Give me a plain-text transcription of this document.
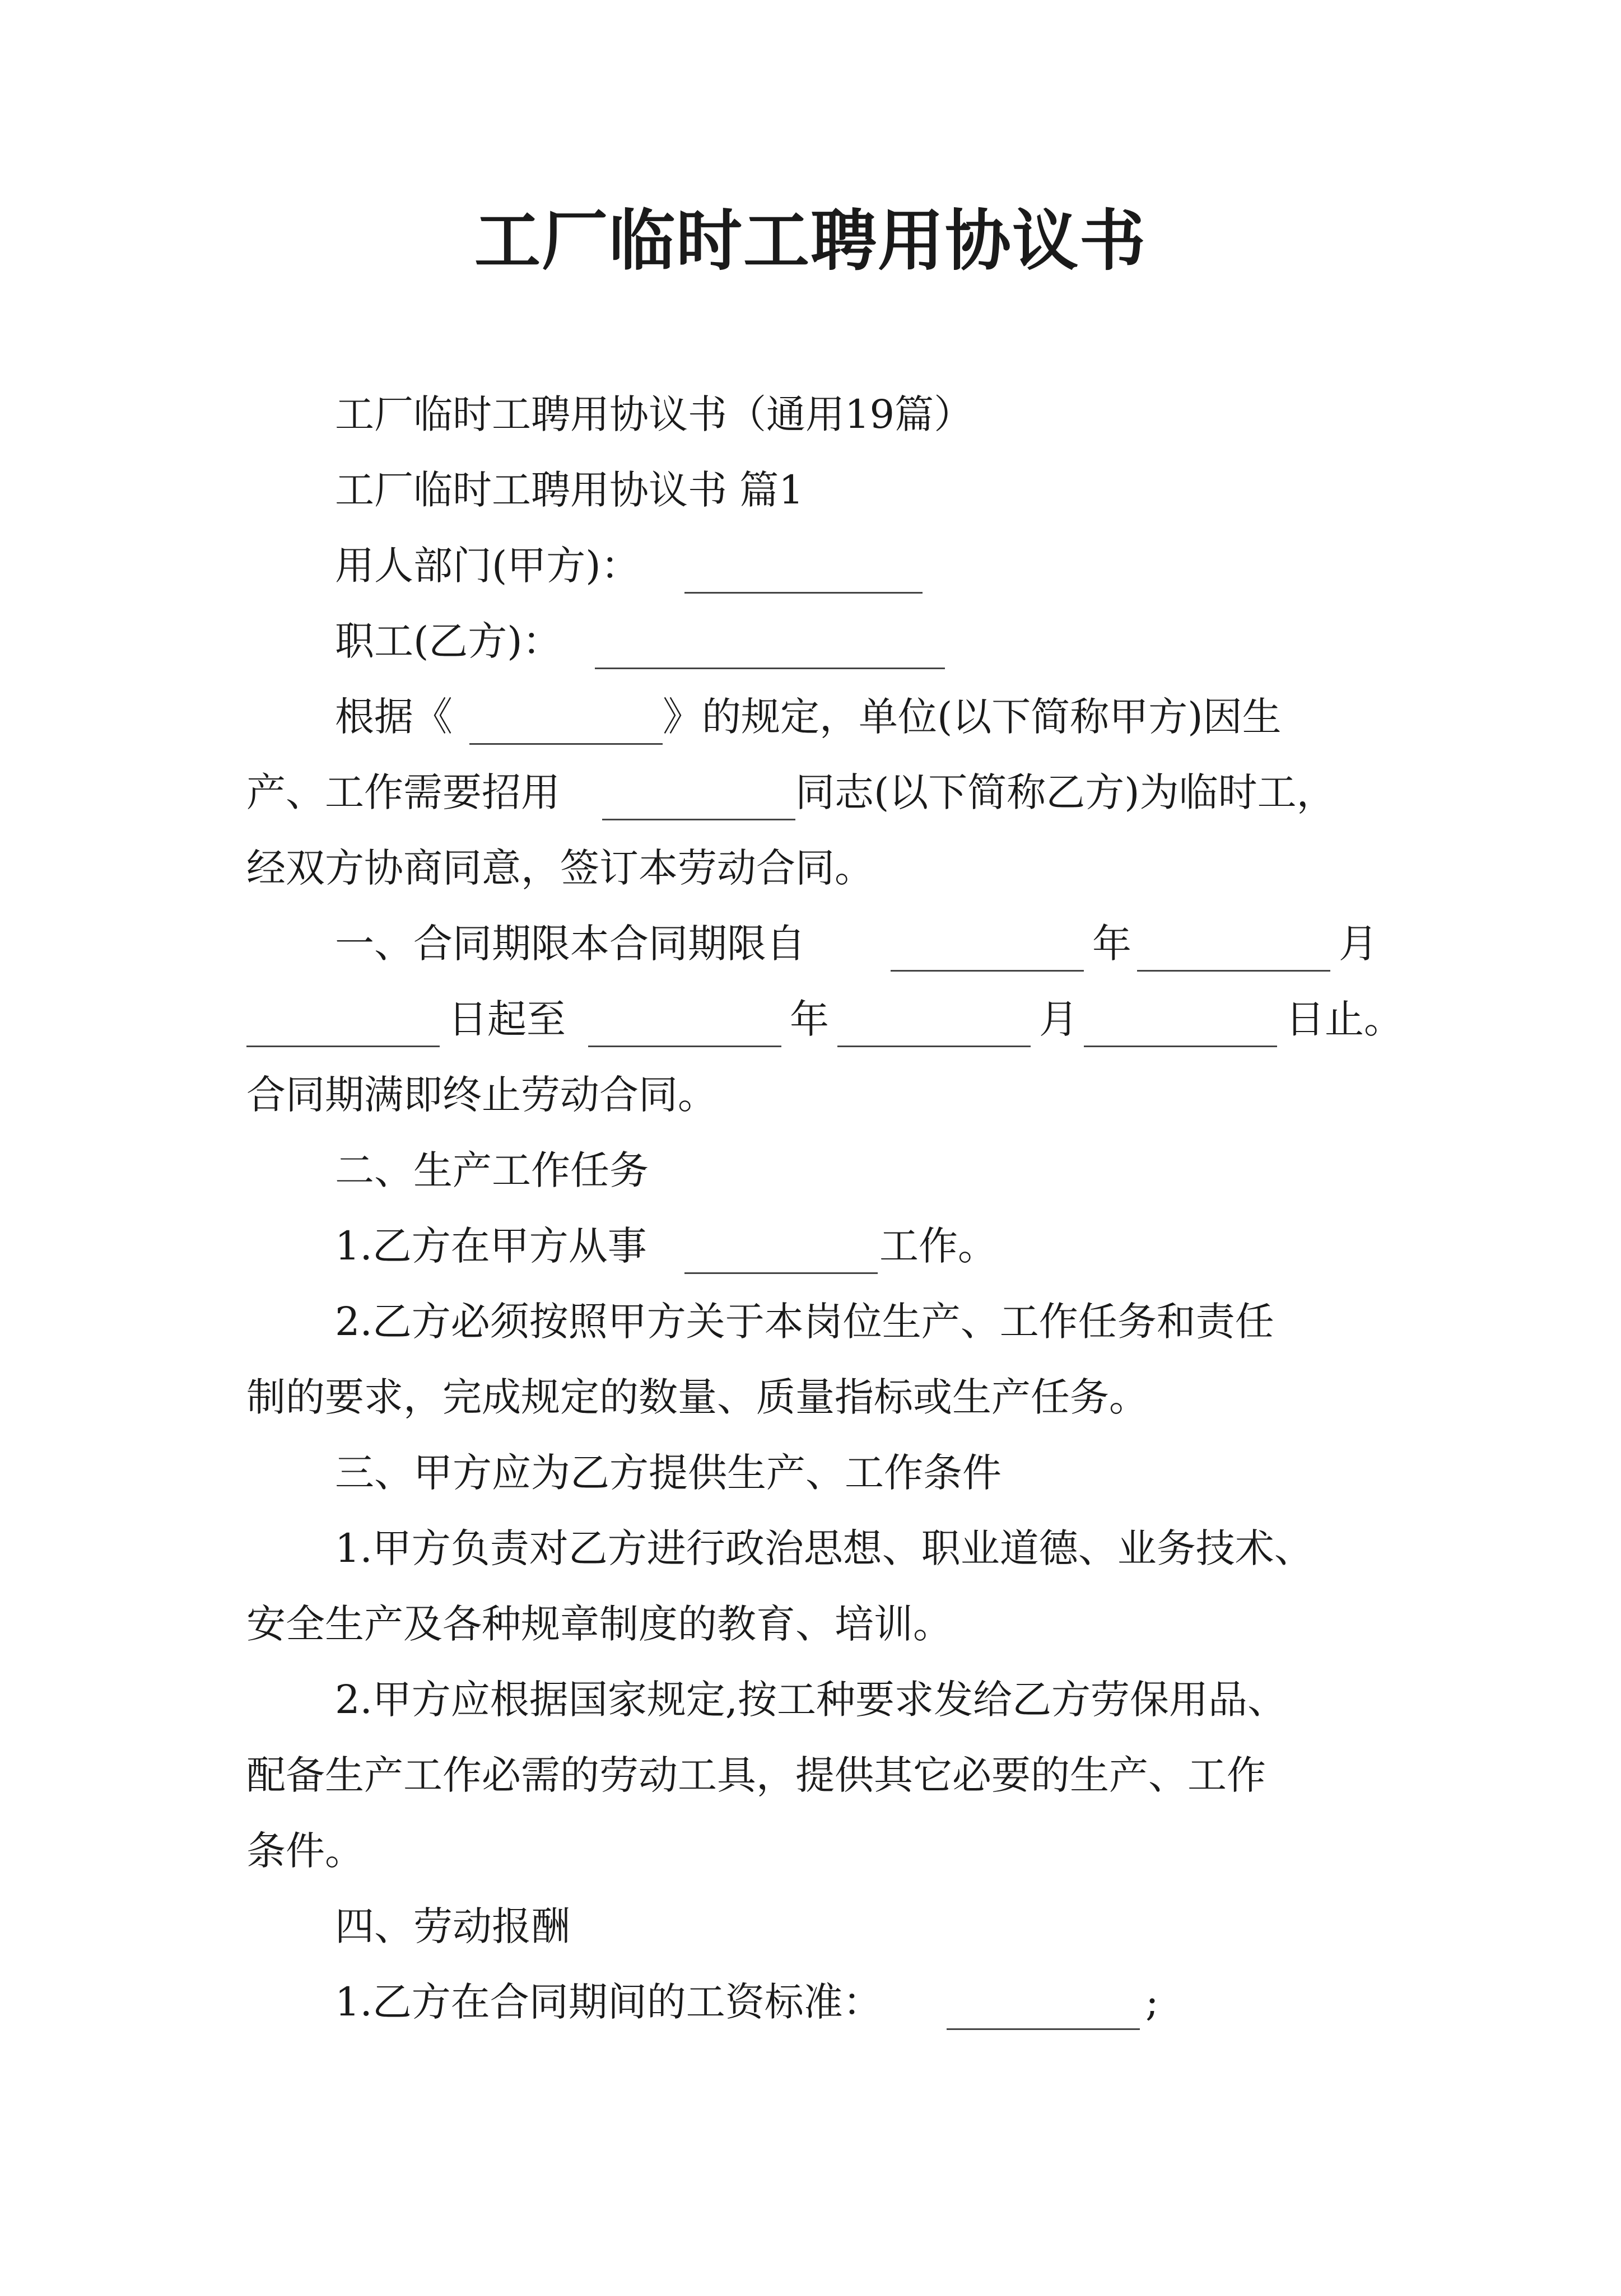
工厂临时工聘用协议书

工厂临时工聘用协议书（通用19篇）

工厂临时工聘用协议书 篇1

用人部门(甲方)：

职工(乙方)：

根据《

	》的规定，单位(以下简称甲方)因生

产、工作需要招用

	同志(以下简称乙方)为临时工，

经双方协商同意，签订本劳动合同。

一、合同期限本合同期限自

	年

	月

日起至

	年

	月

	日止。

合同期满即终止劳动合同。

二、生产工作任务

1.乙方在甲方从事

	工作。

2.乙方必须按照甲方关于本岗位生产、工作任务和责任

制的要求，完成规定的数量、质量指标或生产任务。

三、甲方应为乙方提供生产、工作条件

1.甲方负责对乙方进行政治思想、职业道德、业务技术、

安全生产及各种规章制度的教育、培训。

2.甲方应根据国家规定,按工种要求发给乙方劳保用品、

配备生产工作必需的劳动工具，提供其它必要的生产、工作

条件。

四、劳动报酬

1.乙方在合同期间的工资标准：

	;
